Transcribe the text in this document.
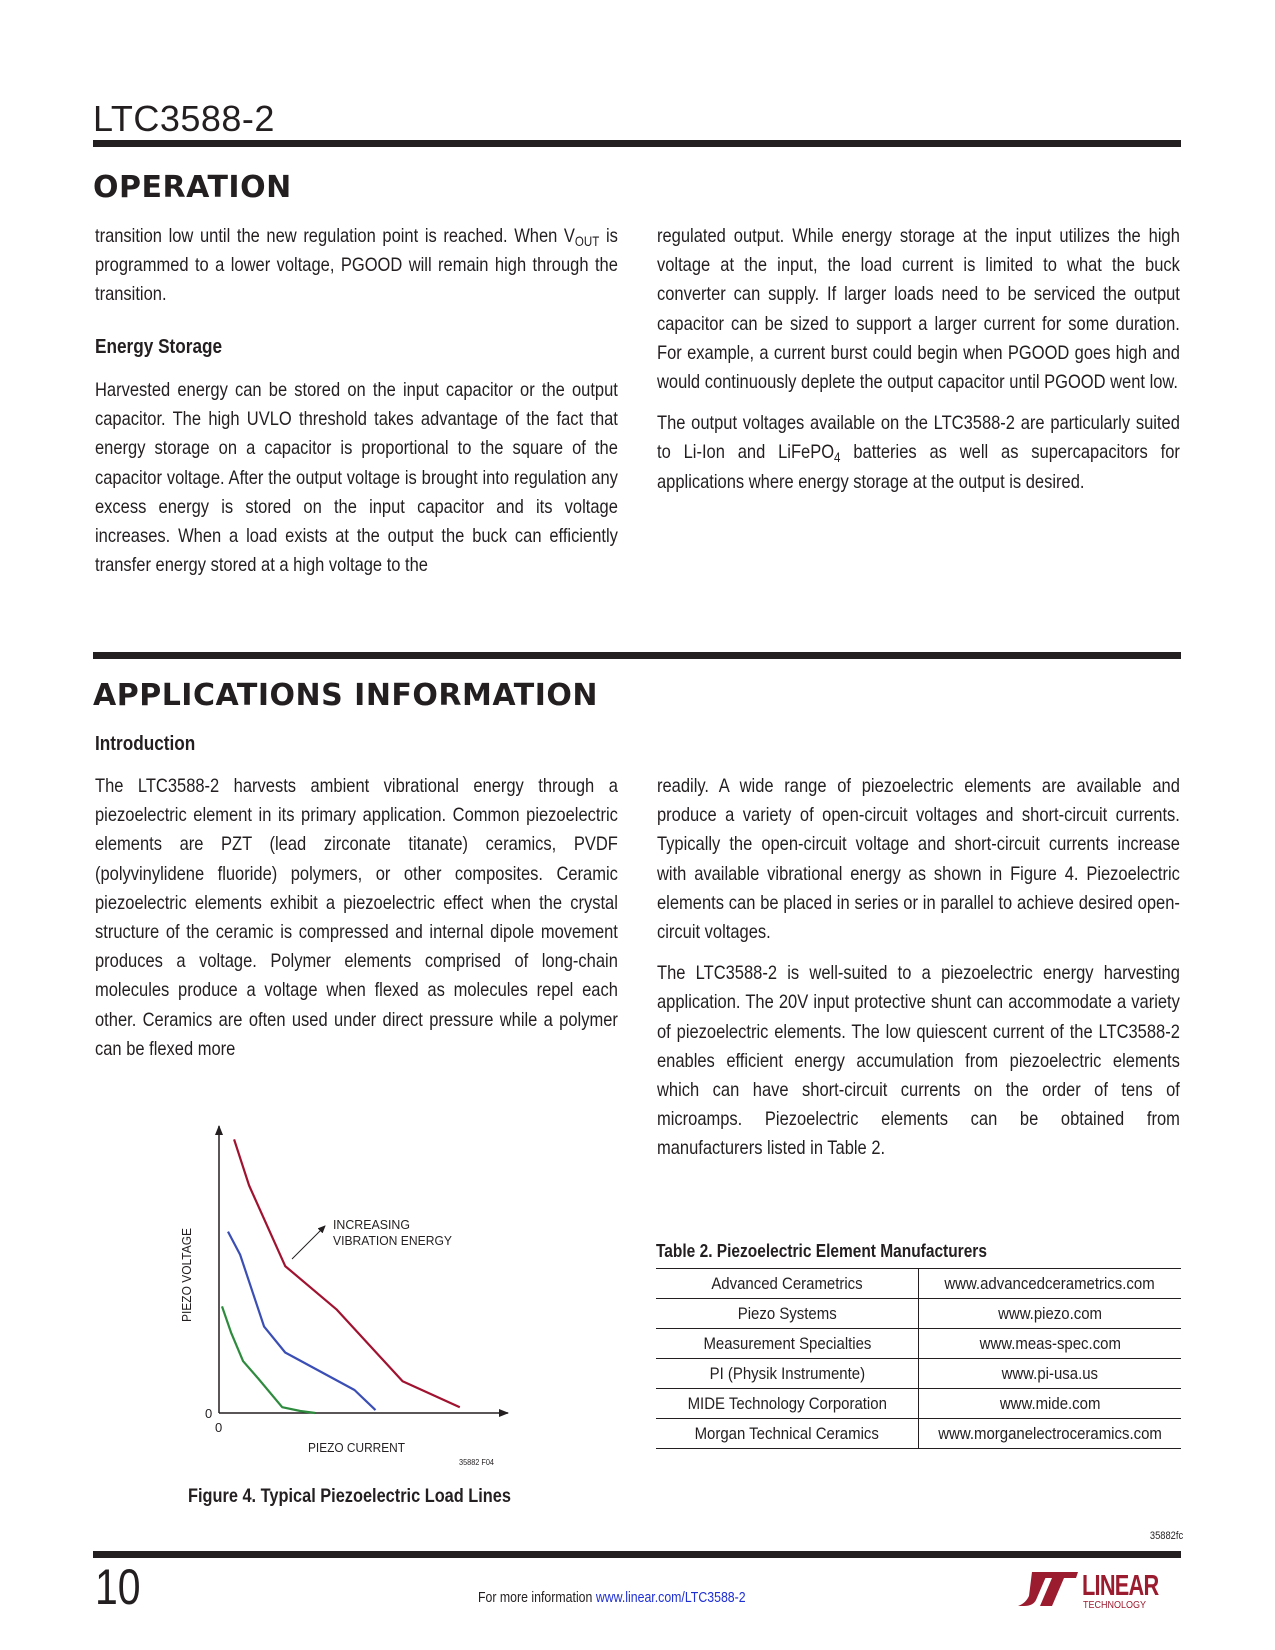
LTC3588-2
OPERATION

transition low until the new regulation point is reached. When $V_{OUT}$ is programmed to a lower voltage, PGOOD will remain high through the transition.

Energy Storage

Harvested energy can be stored on the input capacitor or the output capacitor. The high UVLO threshold takes advantage of the fact that energy storage on a capacitor is proportional to the square of the capacitor voltage. After the output voltage is brought into regulation any excess energy is stored on the input capacitor and its voltage increases. When a load exists at the output the buck can efficiently transfer energy stored at a high voltage to the

regulated output. While energy storage at the input utilizes the high voltage at the input, the load current is limited to what the buck converter can supply. If larger loads need to be serviced the output capacitor can be sized to support a larger current for some duration. For example, a current burst could begin when PGOOD goes high and would continuously deplete the output capacitor until PGOOD went low.

The output voltages available on the LTC3588-2 are particularly suited to Li-Ion and LiFePO$_4$ batteries as well as supercapacitors for applications where energy storage at the output is desired.

APPLICATIONS INFORMATION
Introduction

The LTC3588-2 harvests ambient vibrational energy through a piezoelectric element in its primary application. Common piezoelectric elements are PZT (lead zirconate titanate) ceramics, PVDF (polyvinylidene fluoride) polymers, or other composites. Ceramic piezoelectric elements exhibit a piezoelectric effect when the crystal structure of the ceramic is compressed and internal dipole movement produces a voltage. Polymer elements comprised of long-chain molecules produce a voltage when flexed as molecules repel each other. Ceramics are often used under direct pressure while a polymer can be flexed more

readily. A wide range of piezoelectric elements are available and produce a variety of open-circuit voltages and short-circuit currents. Typically the open-circuit voltage and short-circuit currents increase with available vibrational energy as shown in Figure 4. Piezoelectric elements can be placed in series or in parallel to achieve desired open-circuit voltages.

The LTC3588-2 is well-suited to a piezoelectric energy harvesting application. The 20V input protective shunt can accommodate a variety of piezoelectric elements. The low quiescent current of the LTC3588-2 enables efficient energy accumulation from piezoelectric elements which can have short-circuit currents on the order of tens of microamps. Piezoelectric elements can be obtained from manufacturers listed in Table 2.

INCREASING
VIBRATION ENERGY
PIEZO VOLTAGE
0
0
PIEZO CURRENT
35882 F04
Figure 4. Typical Piezoelectric Load Lines
Table 2. Piezoelectric Element Manufacturers
Advanced Cerametrics	www.advancedcerametrics.com
Piezo Systems	www.piezo.com
Measurement Specialties	www.meas-spec.com
PI (Physik Instrumente)	www.pi-usa.us
MIDE Technology Corporation	www.mide.com
Morgan Technical Ceramics	www.morganelectroceramics.com
35882fc
10	For more information www.linear.com/LTC3588-2	LINEAR
TECHNOLOGY
